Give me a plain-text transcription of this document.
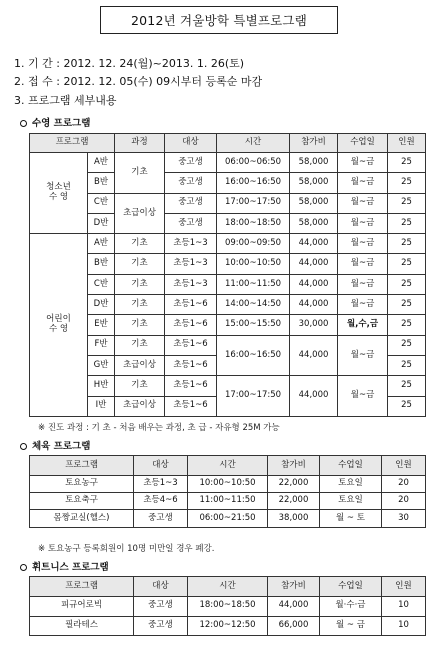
2012년 겨울방학 특별프로그램
1. 기 간 : 2012. 12. 24(월)~2013. 1. 26(토)
2. 접 수 : 2012. 12. 05(수) 09시부터 등록순 마감
3. 프로그램 세부내용
수영 프로그램
프로그램		과정	대상	시간	참가비	수업일	인원
청소년
수 영	A반	기초	중고생	06:00~06:50	58,000	월~금	25
	B반		중고생	16:00~16:50	58,000	월~금	25
	C반	초급이상	중고생	17:00~17:50	58,000	월~금	25
	D반		중고생	18:00~18:50	58,000	월~금	25
어린이
수 영	A반	기초	초등1~3	09:00~09:50	44,000	월~금	25
	B반	기초	초등1~3	10:00~10:50	44,000	월~금	25
	C반	기초	초등1~3	11:00~11:50	44,000	월~금	25
	D반	기초	초등1~6	14:00~14:50	44,000	월~금	25
	E반	기초	초등1~6	15:00~15:50	30,000	월,수,금	25
	F반	기초	초등1~6	16:00~16:50	44,000	월~금	25
	G반	초급이상	초등1~6				25
	H반	기초	초등1~6	17:00~17:50	44,000	월~금	25
	I반	초급이상	초등1~6				25
※ 진도 과정 : 기 초 - 처음 배우는 과정, 초 급 - 자유형 25M 가능
체육 프로그램
프로그램	대상	시간	참가비	수업일	인원
토요농구	초등1~3	10:00~10:50	22,000	토요일	20
토요축구	초등4~6	11:00~11:50	22,000	토요일	20
몸짱교실(헬스)	중고생	06:00~21:50	38,000	월 ~ 토	30
※ 토요농구 등록회원이 10명 미만일 경우 폐강.
휘트니스 프로그램
프로그램	대상	시간	참가비	수업일	인원
피규어로빅	중고생	18:00~18:50	44,000	월·수·금	10
필라테스	중고생	12:00~12:50	66,000	월 ~ 금	10
